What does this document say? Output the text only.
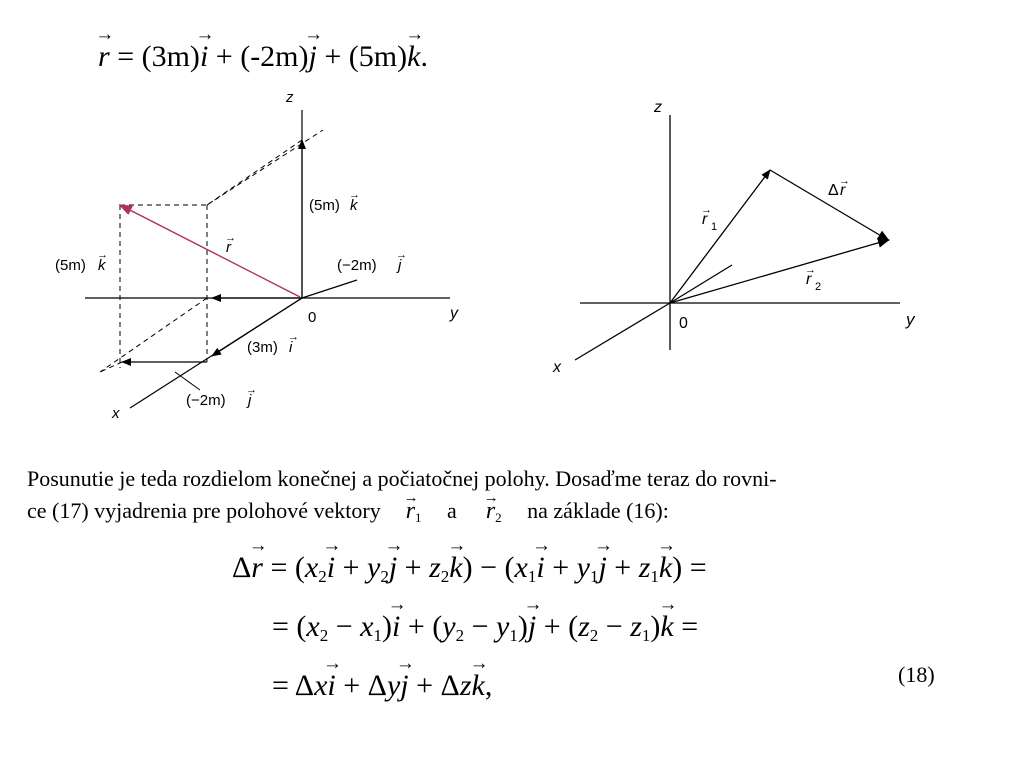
r → = (3m)i → + (-2m)j → + (5m)k →.
z
y
x
0
(5m) k
→
(5m) k
→	r
→
(−2m) j
→
(3m) i
→
(−2m) j
→
z
y
x
0
r
→
1
r
→
2
Δ r
→
Posunutie je teda rozdielom konečnej a počiatočnej polohy. Dosaďme teraz do rovni-
ce (17) vyjadrenia pre polohové vektory $r \to_1$ a $r \to_2$ na základe (16):
Δr → = ($x_2i$ → + $y_2j$ → + $z_2k$ →) − ($x_1i$ → + $y_1j$ → + $z_1k$ →) =
= $(x_2 - x_1)i$ → + $(y_2 - y_1)j$ → + $(z_2 - z_1)k$ → =
= Δxi → + Δyj → + Δzk →,	(18)
